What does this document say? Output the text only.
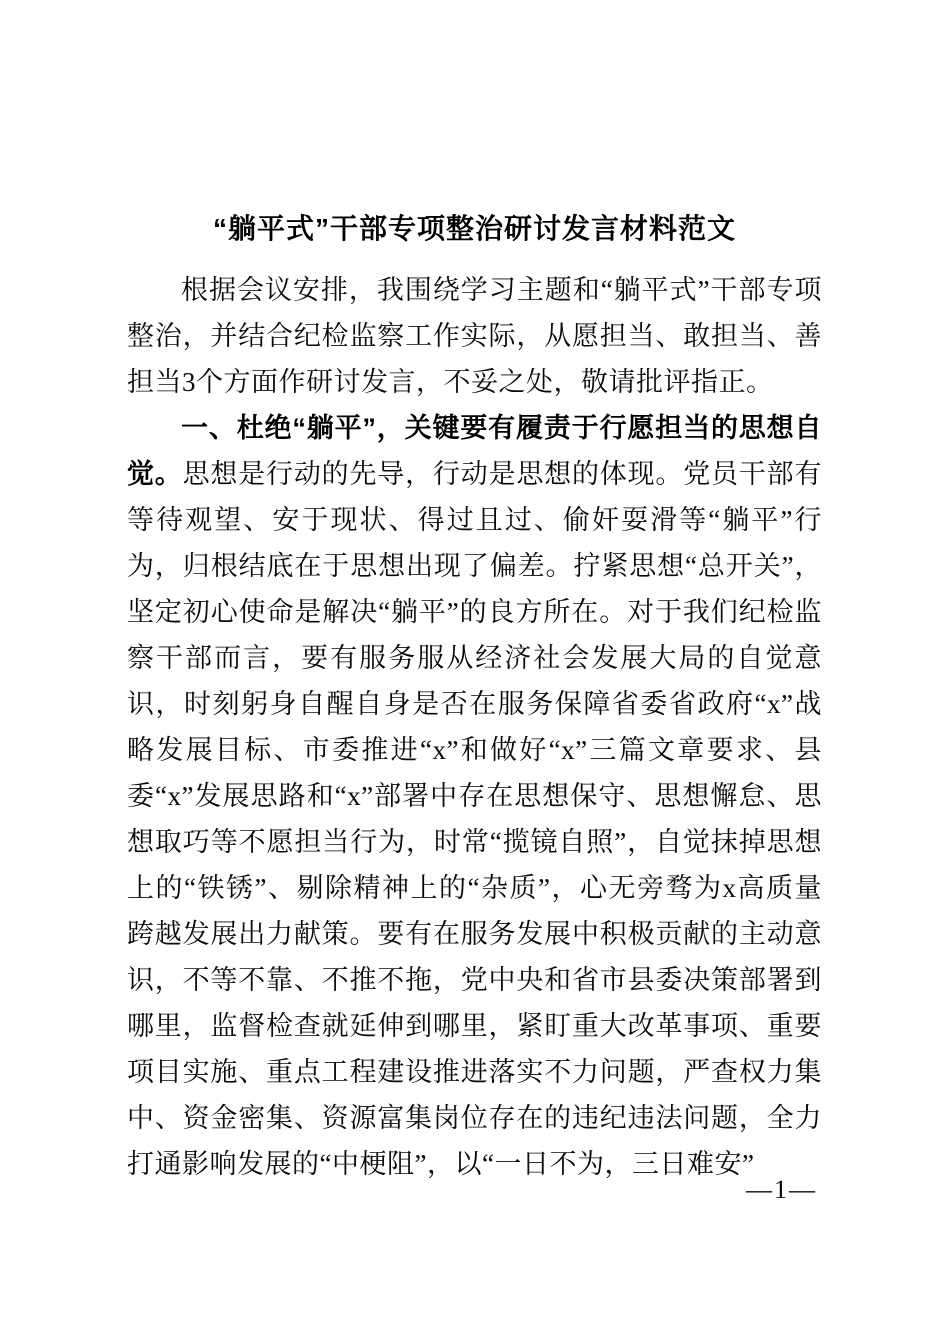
“躺平式”干部专项整治研讨发言材料范文

根据会议安排，我围绕学习主题和“躺平式”干部专项整治，并结合纪检监察工作实际，从愿担当、敢担当、善担当3个方面作研讨发言，不妥之处，敬请批评指正。

一、杜绝“躺平”，关键要有履责于行愿担当的思想自觉。思想是行动的先导，行动是思想的体现。党员干部有等待观望、安于现状、得过且过、偷奸耍滑等“躺平”行为，归根结底在于思想出现了偏差。拧紧思想“总开关”，坚定初心使命是解决“躺平”的良方所在。对于我们纪检监察干部而言，要有服务服从经济社会发展大局的自觉意识，时刻躬身自醒自身是否在服务保障省委省政府“x”战略发展目标、市委推进“x”和做好“x”三篇文章要求、县委“x”发展思路和“x”部署中存在思想保守、思想懈怠、思想取巧等不愿担当行为，时常“揽镜自照”，自觉抹掉思想上的“铁锈”、剔除精神上的“杂质”，心无旁骛为x高质量跨越发展出力献策。要有在服务发展中积极贡献的主动意识，不等不靠、不推不拖，党中央和省市县委决策部署到哪里，监督检查就延伸到哪里，紧盯重大改革事项、重要项目实施、重点工程建设推进落实不力问题，严查权力集中、资金密集、资源富集岗位存在的违纪违法问题，全力打通影响发展的“中梗阻”，以“一日不为，三日难安”

—1—
